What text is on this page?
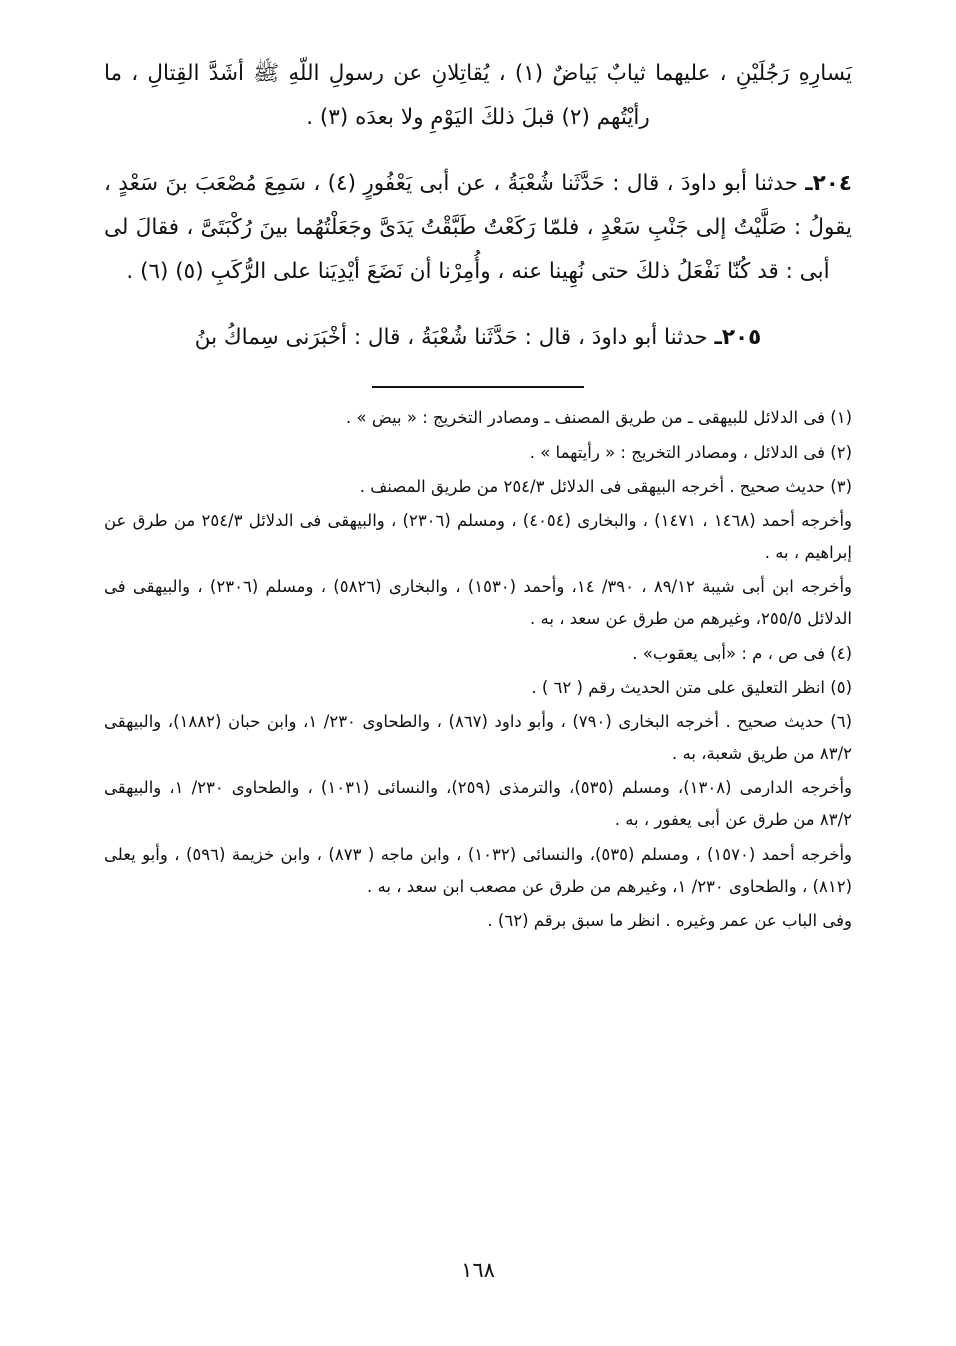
يَسارِهِ رَجُلَيْنِ ، عليهما ثيابٌ بَياضٌ (١) ، يُقاتِلانِ عن رسولِ اللّهِ ﷺ أشَدَّ القِتالِ ، ما رأيْتُهم (٢) قبلَ ذلكَ اليَوْمِ ولا بعدَه (٣) .

٢٠٤ـ حدثنا أبو داودَ ، قال : حَدَّثَنا شُعْبَةُ ، عن أبى يَعْفُورٍ (٤) ، سَمِعَ مُصْعَبَ بنَ سَعْدٍ ، يقولُ : صَلَّيْتُ إلى جَنْبِ سَعْدٍ ، فلمّا رَكَعْتُ طَبَّقْتُ يَدَىَّ وجَعَلْتُهُما بينَ رُكْبَتَىَّ ، فقالَ لى أبى : قد كُنّا نَفْعَلُ ذلكَ حتى نُهِينا عنه ، وأُمِرْنا أن نَضَعَ أيْدِيَنا على الرُّكَبِ (٥) (٦) .

٢٠٥ـ حدثنا أبو داودَ ، قال : حَدَّثَنا شُعْبَةُ ، قال : أخْبَرَنى سِماكُ بنُ

(١) فى الدلائل للبيهقى ـ من طريق المصنف ـ ومصادر التخريج : « بيض » .

(٢) فى الدلائل ، ومصادر التخريج : « رأيتهما » .

(٣) حديث صحيح . أخرجه البيهقى فى الدلائل ٢٥٤/٣ من طريق المصنف .

وأخرجه أحمد (١٤٦٨ ، ١٤٧١) ، والبخارى (٤٠٥٤) ، ومسلم (٢٣٠٦) ، والبيهقى فى الدلائل ٢٥٤/٣ من طرق عن إبراهيم ، به .

وأخرجه ابن أبى شيبة ٨٩/١٢ ، ٣٩٠/ ١٤، وأحمد (١٥٣٠) ، والبخارى (٥٨٢٦) ، ومسلم (٢٣٠٦) ، والبيهقى فى الدلائل ٢٥٥/٥، وغيرهم من طرق عن سعد ، به .

(٤) فى ص ، م : «أبى يعقوب» .

(٥) انظر التعليق على متن الحديث رقم ( ٦٢ ) .

(٦) حديث صحيح . أخرجه البخارى (٧٩٠) ، وأبو داود (٨٦٧) ، والطحاوى ٢٣٠/ ١، وابن حبان (١٨٨٢)، والبيهقى ٨٣/٢ من طريق شعبة، به .

وأخرجه الدارمى (١٣٠٨)، ومسلم (٥٣٥)، والترمذى (٢٥٩)، والنسائى (١٠٣١) ، والطحاوى ٢٣٠/ ١، والبيهقى ٨٣/٢ من طرق عن أبى يعفور ، به .

وأخرجه أحمد (١٥٧٠) ، ومسلم (٥٣٥)، والنسائى (١٠٣٢) ، وابن ماجه ( ٨٧٣) ، وابن خزيمة (٥٩٦) ، وأبو يعلى (٨١٢) ، والطحاوى ٢٣٠/ ١، وغيرهم من طرق عن مصعب ابن سعد ، به .

وفى الباب عن عمر وغيره . انظر ما سبق برقم (٦٢) .

١٦٨
